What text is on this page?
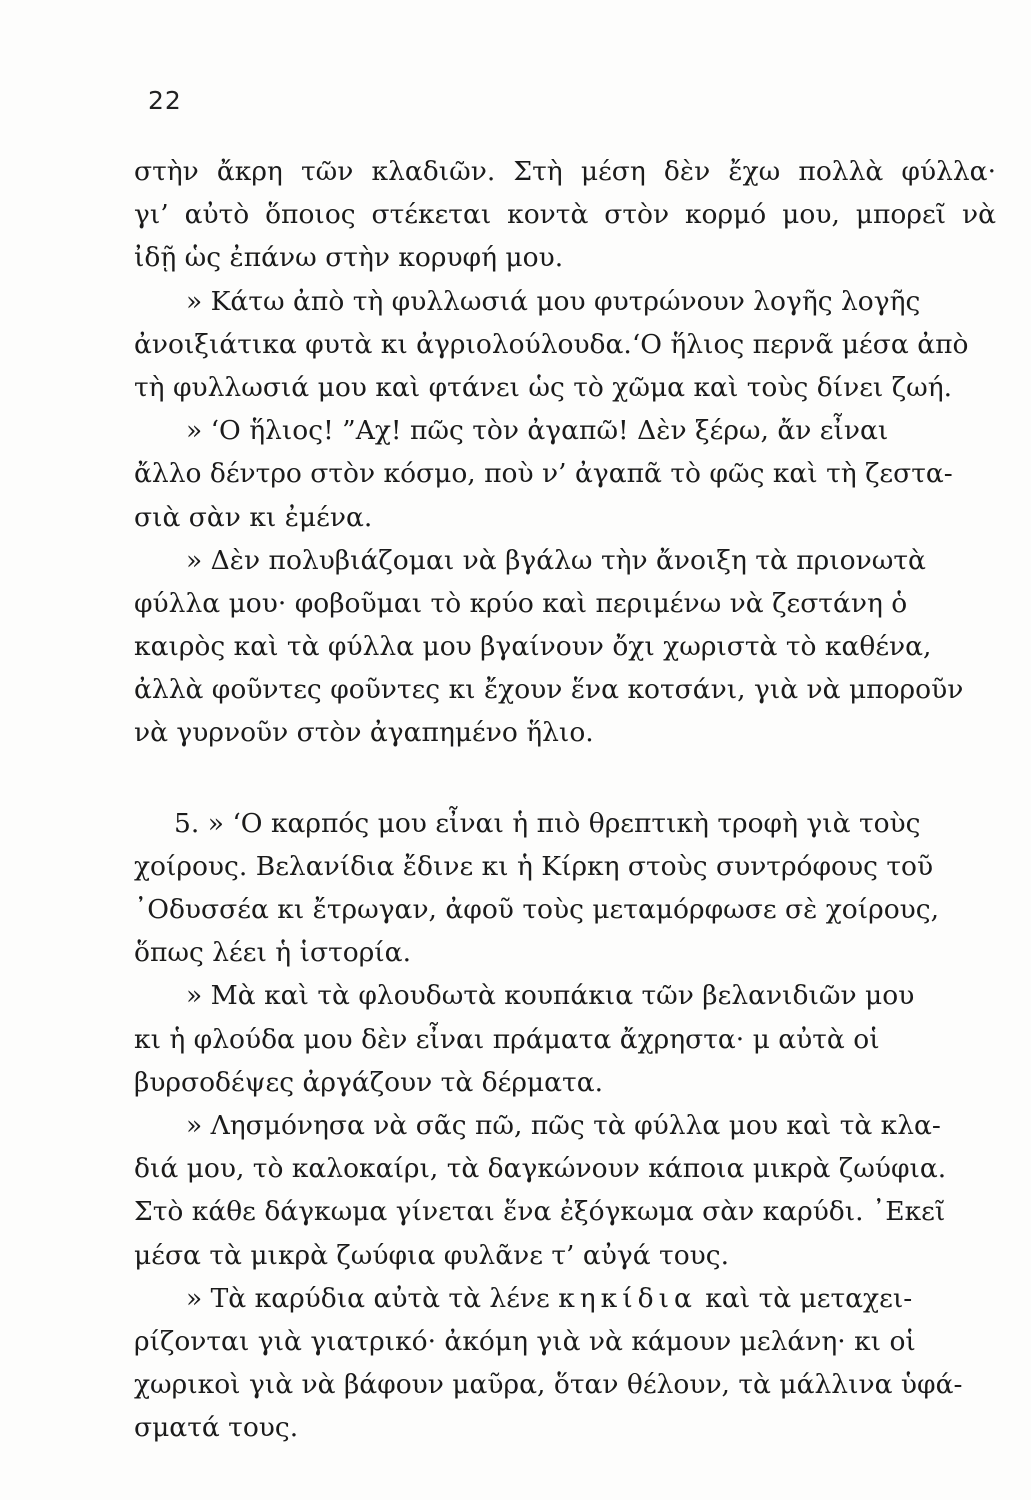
22
στὴν ἄκρη τῶν κλαδιῶν. Στὴ μέση δὲν ἔχω πολλὰ φύλλα·
γι’ αὐτὸ ὅποιος στέκεται κοντὰ στὸν κορμό μου, μπορεῖ νὰ
ἰδῇ ὡς ἐπάνω στὴν κορυφή μου.
» Κάτω ἀπὸ τὴ φυλλωσιά μου φυτρώνουν λογῆς λογῆς
ἀνοιξιάτικα φυτὰ κι ἀγριολούλουδα.‘Ο ἥλιος περνᾶ μέσα ἀπὸ
τὴ φυλλωσιά μου καὶ φτάνει ὡς τὸ χῶμα καὶ τοὺς δίνει ζωή.
» ‘Ο ἥλιος! ”Αχ! πῶς τὸν ἀγαπῶ! Δὲν ξέρω, ἄν εἶναι
ἄλλο δέντρο στὸν κόσμο, ποὺ ν’ ἀγαπᾶ τὸ φῶς καὶ τὴ ζεστα-
σιὰ σὰν κι ἐμένα.
» Δὲν πολυβιάζομαι νὰ βγάλω τὴν ἄνοιξη τὰ πριονωτὰ
φύλλα μου· φοβοῦμαι τὸ κρύο καὶ περιμένω νὰ ζεστάνη ὁ
καιρὸς καὶ τὰ φύλλα μου βγαίνουν ὄχι χωριστὰ τὸ καθένα,
ἀλλὰ φοῦντες φοῦντες κι ἔχουν ἕνα κοτσάνι, γιὰ νὰ μποροῦν
νὰ γυρνοῦν στὸν ἀγαπημένο ἥλιο.
5. » ‘Ο καρπός μου εἶναι ἡ πιὸ θρεπτικὴ τροφὴ γιὰ τοὺς
χοίρους. Βελανίδια ἔδινε κι ἡ Κίρκη στοὺς συντρόφους τοῦ
᾽Οδυσσέα κι ἔτρωγαν, ἀφοῦ τοὺς μεταμόρφωσε σὲ χοίρους,
ὅπως λέει ἡ ἱστορία.
» Μὰ καὶ τὰ φλουδωτὰ κουπάκια τῶν βελανιδιῶν μου
κι ἡ φλούδα μου δὲν εἶναι πράματα ἄχρηστα· μ αὐτὰ οἱ
βυρσοδέψες ἀργάζουν τὰ δέρματα.
» Λησμόνησα νὰ σᾶς πῶ, πῶς τὰ φύλλα μου καὶ τὰ κλα-
διά μου, τὸ καλοκαίρι, τὰ δαγκώνουν κάποια μικρὰ ζωύφια.
Στὸ κάθε δάγκωμα γίνεται ἕνα ἐξόγκωμα σὰν καρύδι. ᾽Εκεῖ
μέσα τὰ μικρὰ ζωύφια φυλᾶνε τ’ αὐγά τους.
» Τὰ καρύδια αὐτὰ τὰ λένε κηκίδια καὶ τὰ μεταχει-
ρίζονται γιὰ γιατρικό· ἀκόμη γιὰ νὰ κάμουν μελάνη· κι οἱ
χωρικοὶ γιὰ νὰ βάφουν μαῦρα, ὅταν θέλουν, τὰ μάλλινα ὑφά-
σματά τους.
